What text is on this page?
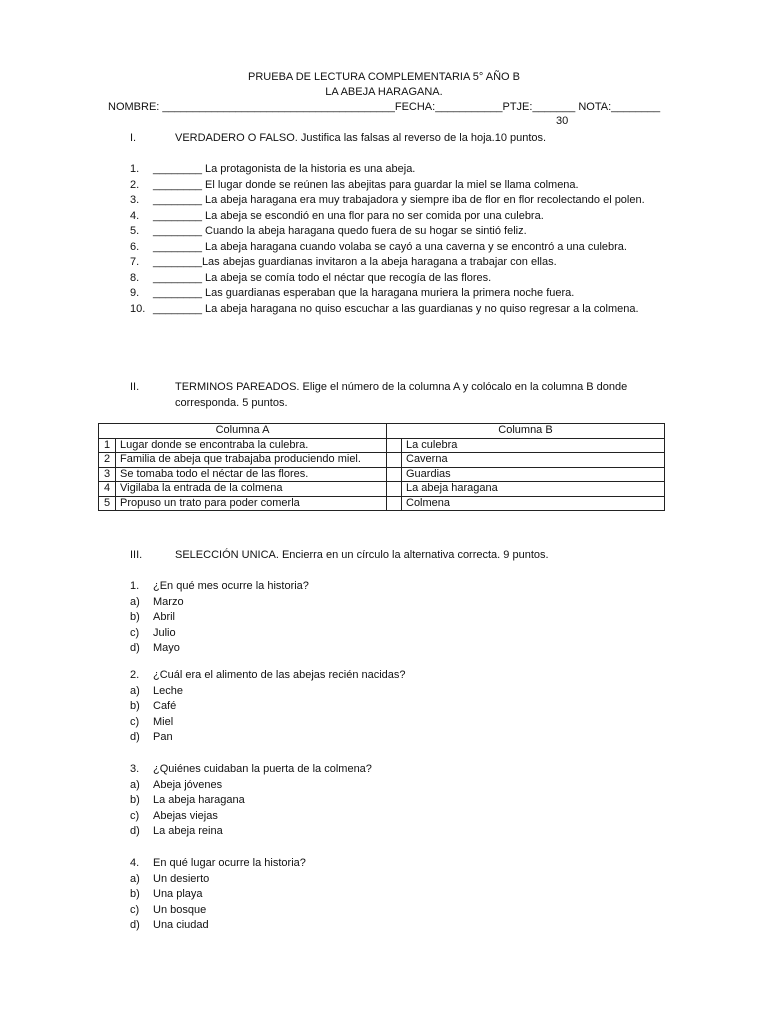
PRUEBA DE LECTURA COMPLEMENTARIA 5° AÑO B
LA ABEJA HARAGANA.
NOMBRE: ______________________________________FECHA:___________PTJE:_______ NOTA:________
30
I.	VERDADERO O FALSO. Justifica las falsas al reverso de la hoja.10 puntos.
1.	________ La protagonista de la historia es una abeja.
2.	________ El lugar donde se reúnen las abejitas para guardar la miel se llama colmena.
3.	________ La abeja haragana era muy trabajadora y siempre iba de flor en flor recolectando el polen.
4.	________ La abeja se escondió en una flor para no ser comida por una culebra.
5.	________ Cuando la abeja haragana quedo fuera de su hogar se sintió feliz.
6.	________ La abeja haragana cuando volaba se cayó a una caverna y se encontró a una culebra.
7.	________Las abejas guardianas invitaron a la abeja haragana a trabajar con ellas.
8.	________ La abeja se comía todo el néctar que recogía de las flores.
9.	________ Las guardianas esperaban que la haragana muriera la primera noche fuera.
10. ________ La abeja haragana no quiso escuchar a las guardianas y no quiso regresar a la colmena.
II.	TERMINOS PAREADOS. Elige el número de la columna A y colócalo en la columna B donde corresponda. 5 puntos.
Columna A		Columna B	
1	Lugar donde se encontraba la culebra.		La culebra
2	Familia de abeja que trabajaba produciendo miel.		Caverna
3	Se tomaba todo el néctar de las flores.		Guardias
4	Vigilaba la entrada de la colmena		La abeja haragana
5	Propuso un trato para poder comerla		Colmena
III.	SELECCIÓN UNICA. Encierra en un círculo la alternativa correcta. 9 puntos.
1. ¿En qué mes ocurre la historia?
a) Marzo
b) Abril
c) Julio
d) Mayo
2. ¿Cuál era el alimento de las abejas recién nacidas?
a) Leche
b) Café
c) Miel
d) Pan
3. ¿Quiénes cuidaban la puerta de la colmena?
a) Abeja jóvenes
b) La abeja haragana
c) Abejas viejas
d) La abeja reina
4. En qué lugar ocurre la historia?
a) Un desierto
b) Una playa
c) Un bosque
d) Una ciudad
